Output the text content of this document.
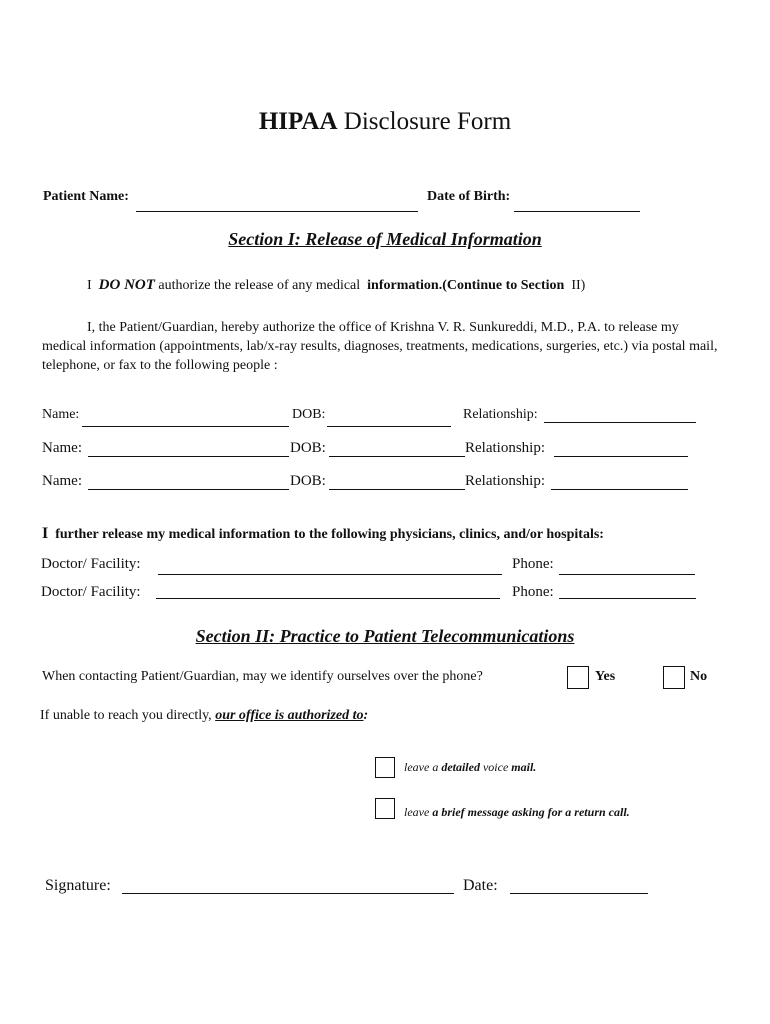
HIPAA Disclosure Form
Patient Name:	Date of Birth:
Section I: Release of Medical Information
I DO NOT authorize the release of any medical information.(Continue to Section II)
I, the Patient/Guardian, hereby authorize the office of Krishna V. R. Sunkureddi, M.D., P.A. to release my medical information (appointments, lab/x-ray results, diagnoses, treatments, medications, surgeries, etc.) via postal mail, telephone, or fax to the following people :
Name:	DOB:	Relationship:
Name:	DOB:	Relationship:
Name:	DOB:	Relationship:
I further release my medical information to the following physicians, clinics, and/or hospitals:
Doctor/ Facility:	Phone:
Doctor/ Facility:	Phone:
Section II: Practice to Patient Telecommunications
When contacting Patient/Guardian, may we identify ourselves over the phone?	Yes	No
If unable to reach you directly, our office is authorized to:
leave a detailed voice mail.
leave a brief message asking for a return call.
Signature:	Date:
